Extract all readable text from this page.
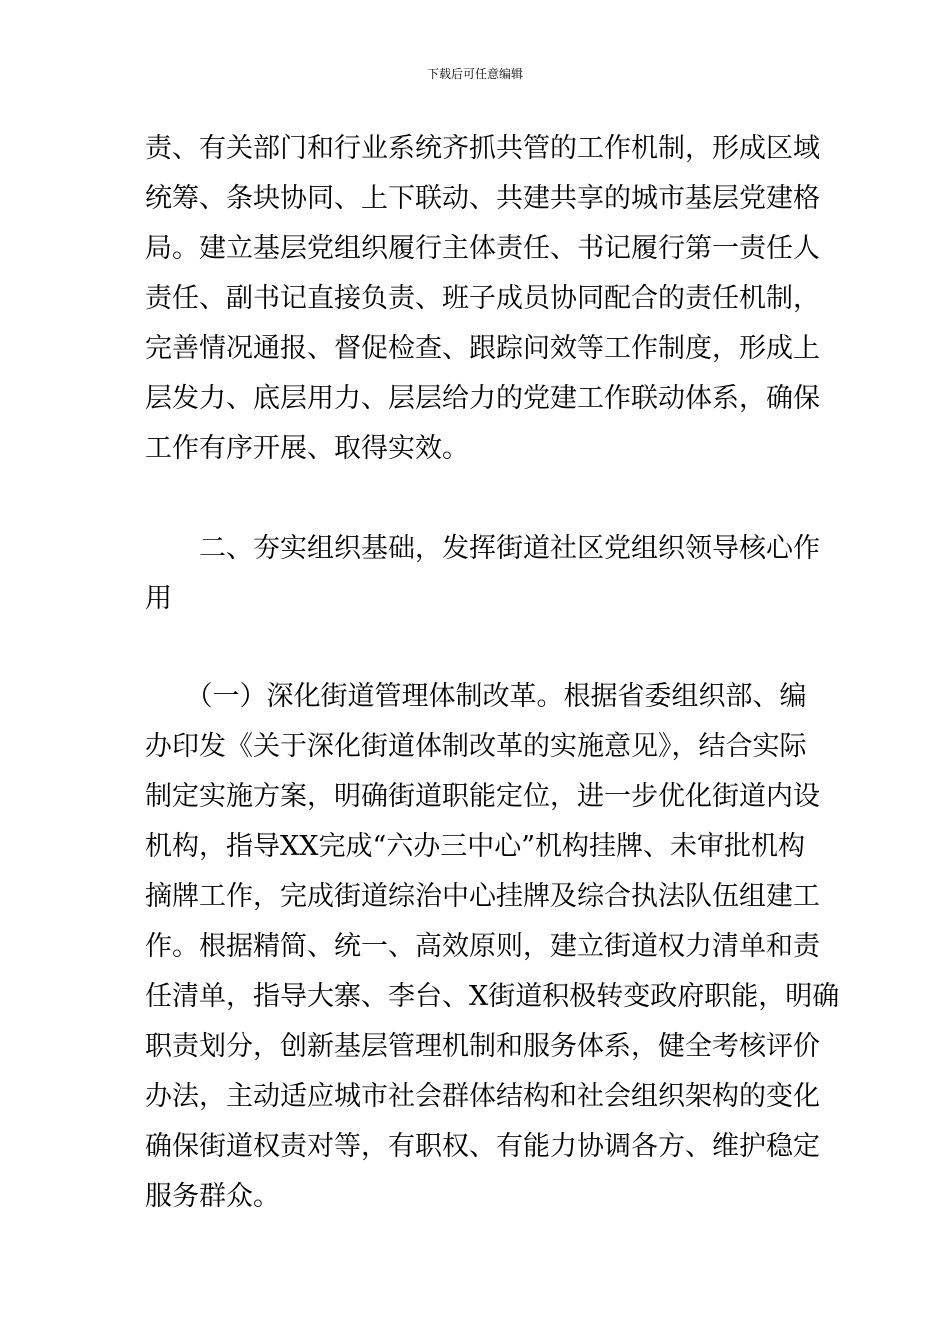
下载后可任意编辑
责、有关部门和行业系统齐抓共管的工作机制，形成区域
统筹、条块协同、上下联动、共建共享的城市基层党建格
局。建立基层党组织履行主体责任、书记履行第一责任人
责任、副书记直接负责、班子成员协同配合的责任机制，
完善情况通报、督促检查、跟踪问效等工作制度，形成上
层发力、底层用力、层层给力的党建工作联动体系，确保
工作有序开展、取得实效。
　　二、夯实组织基础，发挥街道社区党组织领导核心作
用
　　（一）深化街道管理体制改革。根据省委组织部、编
办印发《关于深化街道体制改革的实施意见》，结合实际
制定实施方案，明确街道职能定位，进一步优化街道内设
机构，指导XX完成“六办三中心”机构挂牌、未审批机构
摘牌工作，完成街道综治中心挂牌及综合执法队伍组建工
作。根据精简、统一、高效原则，建立街道权力清单和责
任清单，指导大寨、李台、X街道积极转变政府职能，明确
职责划分，创新基层管理机制和服务体系，健全考核评价
办法，主动适应城市社会群体结构和社会组织架构的变化
确保街道权责对等，有职权、有能力协调各方、维护稳定
服务群众。
